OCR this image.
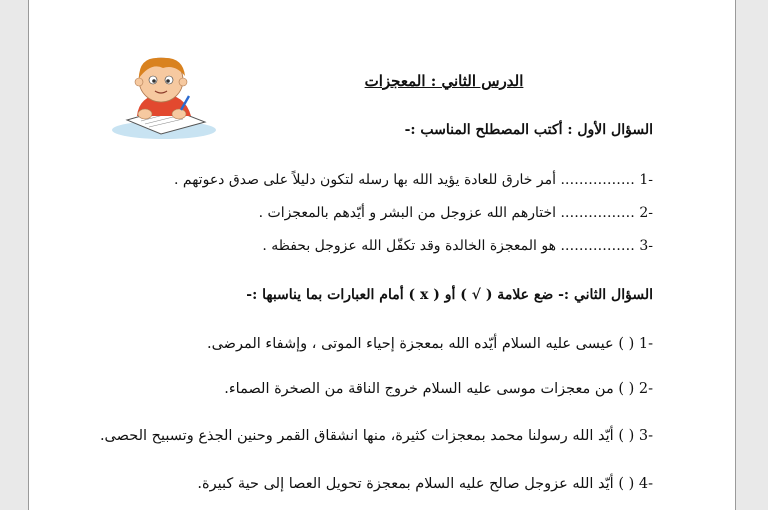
الدرس الثاني : المعجزات
السؤال الأول : أكتب المصطلح المناسب :-
1- ……………. أمر خارق للعادة يؤيد الله بها رسله لتكون دليلاً على صدق دعوتهم .
2- ……………. اختارهم الله عزوجل من البشر و أيّدهم بالمعجزات .
3- ……………. هو المعجزة الخالدة وقد تكفّل الله عزوجل بحفظه .
السؤال الثاني :- ضع علامة ( √ ) أو ( x ) أمام العبارات بما يناسبها :-
1- ( ) عيسى عليه السلام أيّده الله بمعجزة إحياء الموتى ، وإشفاء المرضى.
2- ( ) من معجزات موسى عليه السلام خروج الناقة من الصخرة الصماء.
3- ( ) أيّد الله رسولنا محمد بمعجزات كثيرة، منها انشقاق القمر وحنين الجذع وتسبيح الحصى.
4- ( ) أيّد الله عزوجل صالح عليه السلام بمعجزة تحويل العصا إلى حية كبيرة.
